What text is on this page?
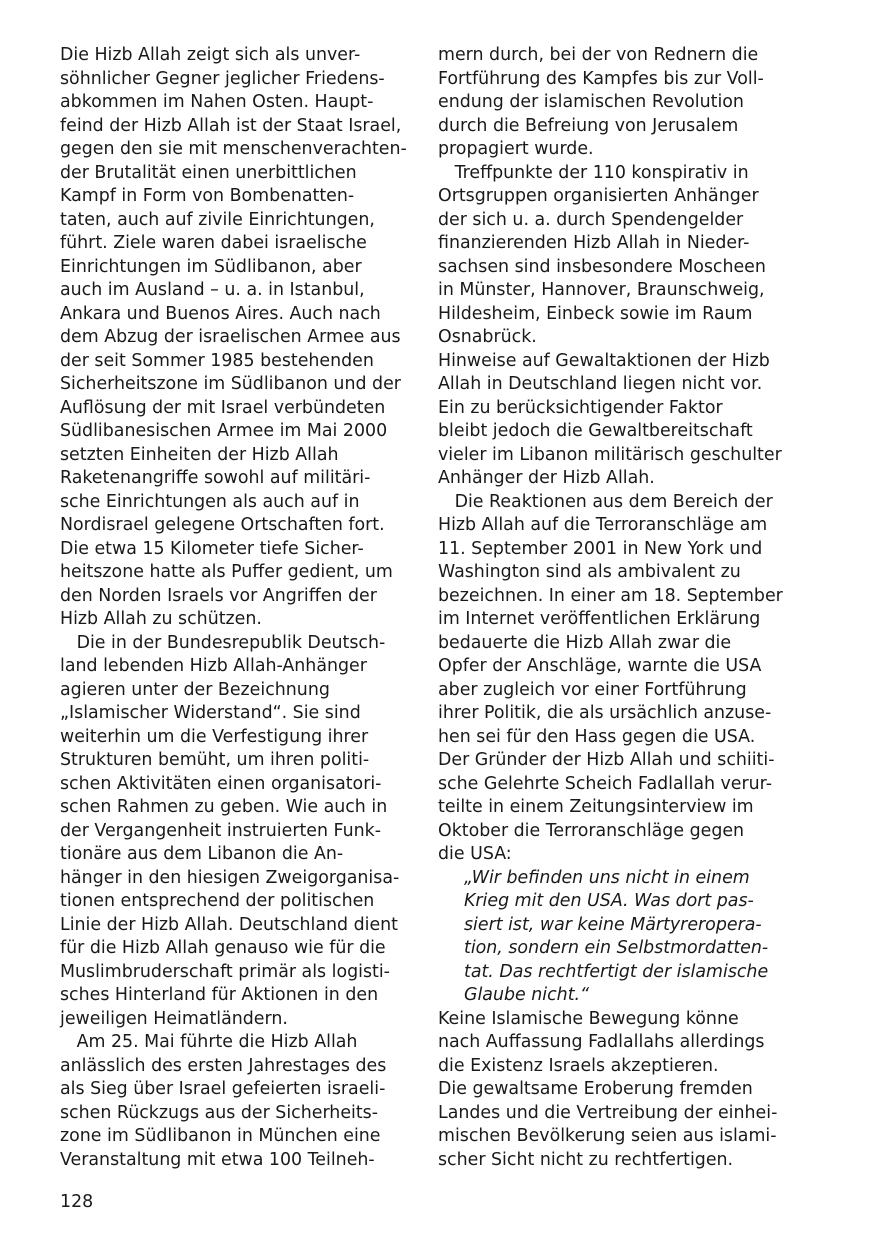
Die Hizb Allah zeigt sich als unver-
söhnlicher Gegner jeglicher Friedens-
abkommen im Nahen Osten. Haupt-
feind der Hizb Allah ist der Staat Israel,
gegen den sie mit menschenverachten-
der Brutalität einen unerbittlichen
Kampf in Form von Bombenatten-
taten, auch auf zivile Einrichtungen,
führt. Ziele waren dabei israelische
Einrichtungen im Südlibanon, aber
auch im Ausland – u. a. in Istanbul,
Ankara und Buenos Aires. Auch nach
dem Abzug der israelischen Armee aus
der seit Sommer 1985 bestehenden
Sicherheitszone im Südlibanon und der
Auflösung der mit Israel verbündeten
Südlibanesischen Armee im Mai 2000
setzten Einheiten der Hizb Allah
Raketenangriffe sowohl auf militäri-
sche Einrichtungen als auch auf in
Nordisrael gelegene Ortschaften fort.
Die etwa 15 Kilometer tiefe Sicher-
heitszone hatte als Puffer gedient, um
den Norden Israels vor Angriffen der
Hizb Allah zu schützen.
Die in der Bundesrepublik Deutsch-
land lebenden Hizb Allah-Anhänger
agieren unter der Bezeichnung
„Islamischer Widerstand“. Sie sind
weiterhin um die Verfestigung ihrer
Strukturen bemüht, um ihren politi-
schen Aktivitäten einen organisatori-
schen Rahmen zu geben. Wie auch in
der Vergangenheit instruierten Funk-
tionäre aus dem Libanon die An-
hänger in den hiesigen Zweigorganisa-
tionen entsprechend der politischen
Linie der Hizb Allah. Deutschland dient
für die Hizb Allah genauso wie für die
Muslimbruderschaft primär als logisti-
sches Hinterland für Aktionen in den
jeweiligen Heimatländern.
Am 25. Mai führte die Hizb Allah
anlässlich des ersten Jahrestages des
als Sieg über Israel gefeierten israeli-
schen Rückzugs aus der Sicherheits-
zone im Südlibanon in München eine
Veranstaltung mit etwa 100 Teilneh-
mern durch, bei der von Rednern die
Fortführung des Kampfes bis zur Voll-
endung der islamischen Revolution
durch die Befreiung von Jerusalem
propagiert wurde.
Treffpunkte der 110 konspirativ in
Ortsgruppen organisierten Anhänger
der sich u. a. durch Spendengelder
finanzierenden Hizb Allah in Nieder-
sachsen sind insbesondere Moscheen
in Münster, Hannover, Braunschweig,
Hildesheim, Einbeck sowie im Raum
Osnabrück.
Hinweise auf Gewaltaktionen der Hizb
Allah in Deutschland liegen nicht vor.
Ein zu berücksichtigender Faktor
bleibt jedoch die Gewaltbereitschaft
vieler im Libanon militärisch geschulter
Anhänger der Hizb Allah.
Die Reaktionen aus dem Bereich der
Hizb Allah auf die Terroranschläge am
11. September 2001 in New York und
Washington sind als ambivalent zu
bezeichnen. In einer am 18. September
im Internet veröffentlichen Erklärung
bedauerte die Hizb Allah zwar die
Opfer der Anschläge, warnte die USA
aber zugleich vor einer Fortführung
ihrer Politik, die als ursächlich anzuse-
hen sei für den Hass gegen die USA.
Der Gründer der Hizb Allah und schiiti-
sche Gelehrte Scheich Fadlallah verur-
teilte in einem Zeitungsinterview im
Oktober die Terroranschläge gegen
die USA:
„Wir befinden uns nicht in einem
Krieg mit den USA. Was dort pas-
siert ist, war keine Märtyreropera-
tion, sondern ein Selbstmordatten-
tat. Das rechtfertigt der islamische
Glaube nicht.“
Keine Islamische Bewegung könne
nach Auffassung Fadlallahs allerdings
die Existenz Israels akzeptieren.
Die gewaltsame Eroberung fremden
Landes und die Vertreibung der einhei-
mischen Bevölkerung seien aus islami-
scher Sicht nicht zu rechtfertigen.
128
